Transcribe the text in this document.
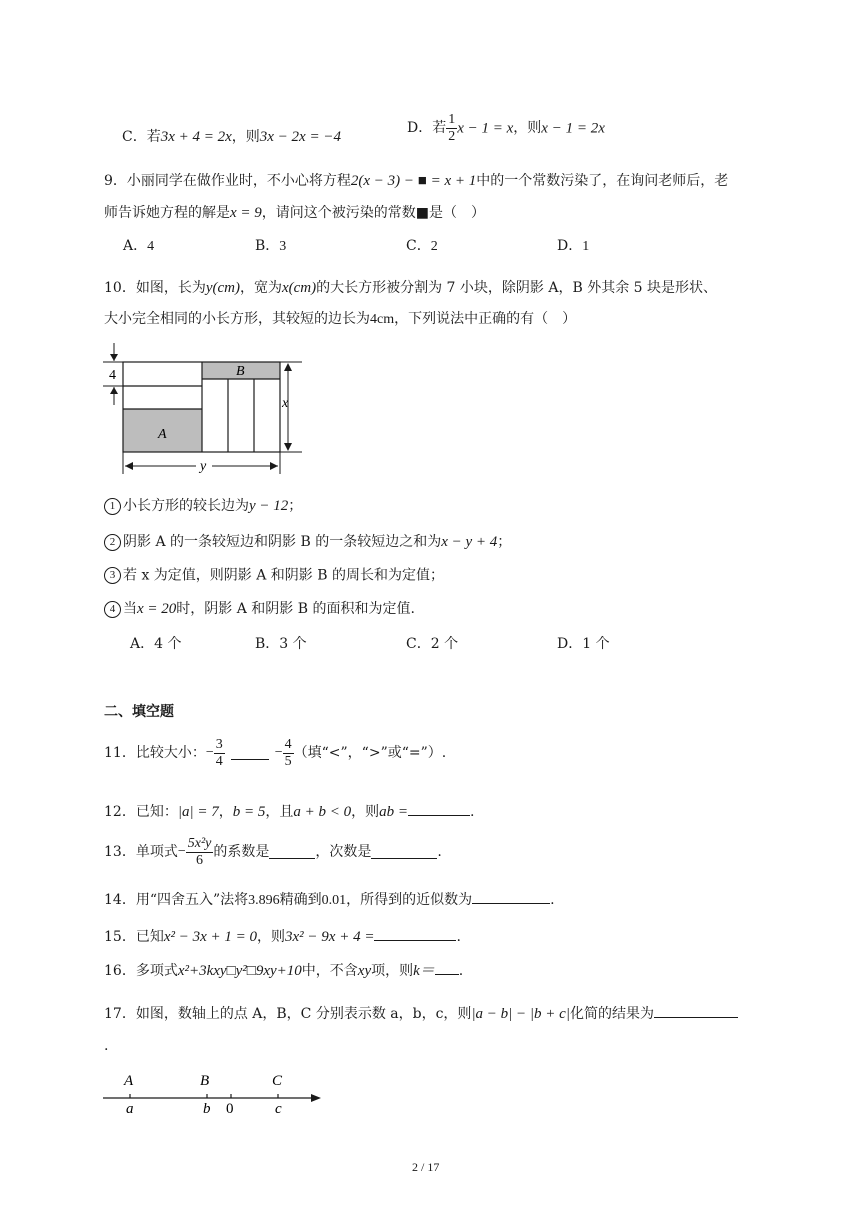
C．若3x + 4 = 2x，则3x − 2x = −4
D．若 $\frac{1}{2}$ x − 1 = x，则x − 1 = 2x
9．小丽同学在做作业时，不小心将方程2(x − 3) − ■ = x + 1中的一个常数污染了，在询问老师后，老
师告诉她方程的解是x = 9，请问这个被污染的常数■是（　）
A．4	B．3	C．2	D．1
10．如图，长为y(cm)，宽为x(cm)的大长方形被分割为 7 小块，除阴影 A，B 外其余 5 块是形状、
大小完全相同的小长方形，其较短的边长为4cm，下列说法中正确的有（　）
4
x
y
A
B
1 小长方形的较长边为y − 12；
2 阴影 A 的一条较短边和阴影 B 的一条较短边之和为x − y + 4；
3 若 x 为定值，则阴影 A 和阴影 B 的周长和为定值；
4 当x = 20时，阴影 A 和阴影 B 的面积和为定值.
A．4 个	B．3 个	C．2 个	D．1 个
二、填空题
11．比较大小：− $\frac{3}{4}$	− $\frac{4}{5}$ （填“<”，“>”或“=”）.
12．已知：|a| = 7，b = 5，且a + b < 0，则ab =	.
13．单项式− $\frac{\text{5x²y}}{6}$ 的系数是	，次数是	.
14．用“四舍五入”法将3.896精确到0.01，所得到的近似数为	.
15．已知x² − 3x + 1 = 0，则3x² − 9x + 4 =	.
16．多项式x²+3kxy□y²□9xy+10中，不含xy项，则k＝ .
17．如图，数轴上的点 A，B，C 分别表示数 a，b，c，则|a − b| − |b + c|化简的结果为
.
A	B	C
a	b 0	c
2 / 17
